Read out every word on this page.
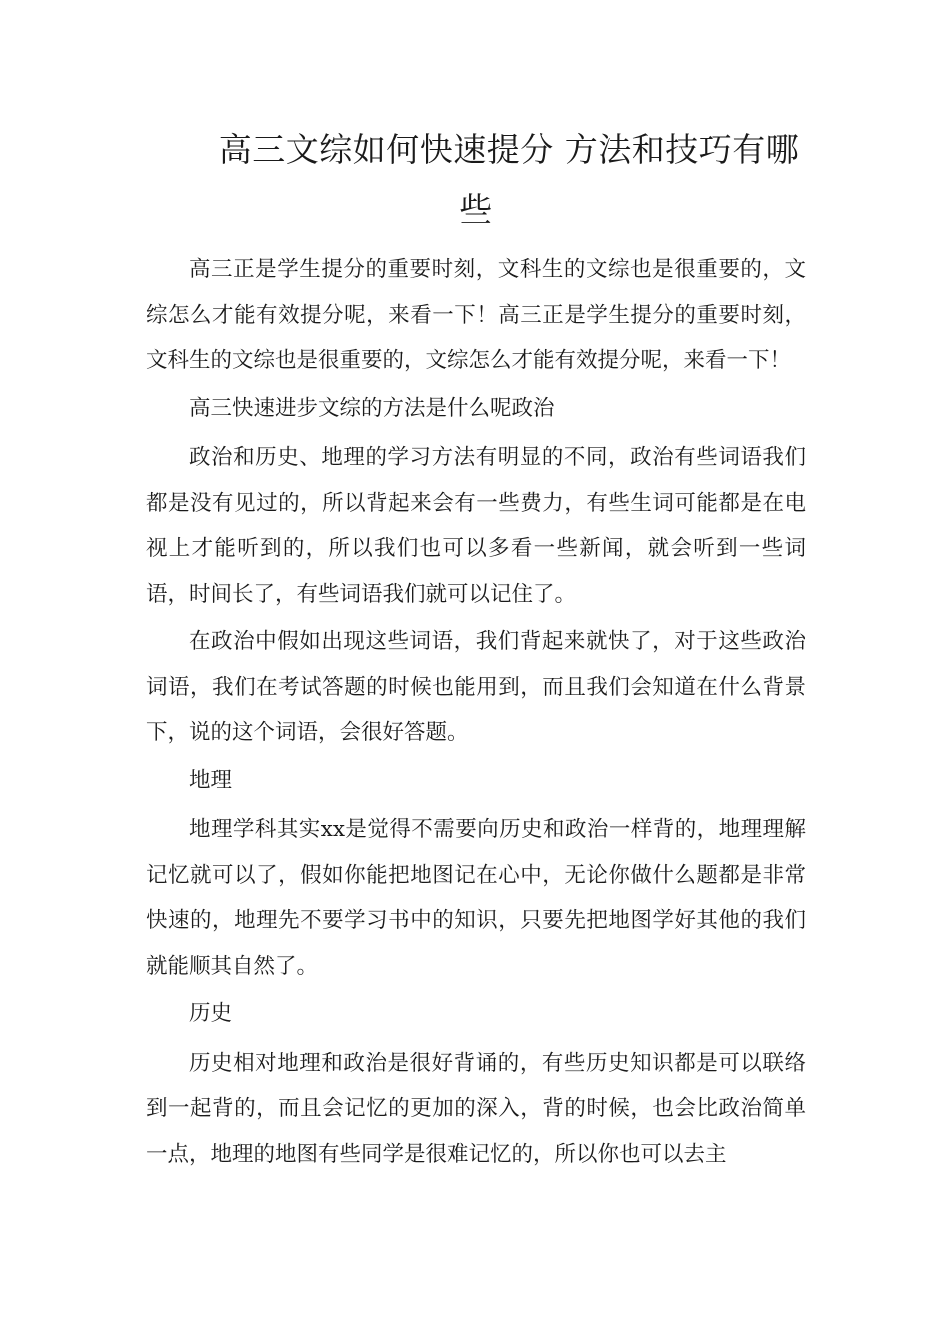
高三文综如何快速提分 方法和技巧有哪些

高三正是学生提分的重要时刻，文科生的文综也是很重要的，文综怎么才能有效提分呢，来看一下！高三正是学生提分的重要时刻，文科生的文综也是很重要的，文综怎么才能有效提分呢，来看一下！

高三快速进步文综的方法是什么呢政治

政治和历史、地理的学习方法有明显的不同，政治有些词语我们都是没有见过的，所以背起来会有一些费力，有些生词可能都是在电视上才能听到的，所以我们也可以多看一些新闻，就会听到一些词语，时间长了，有些词语我们就可以记住了。

在政治中假如出现这些词语，我们背起来就快了，对于这些政治词语，我们在考试答题的时候也能用到，而且我们会知道在什么背景下，说的这个词语，会很好答题。

地理

地理学科其实xx是觉得不需要向历史和政治一样背的，地理理解记忆就可以了，假如你能把地图记在心中，无论你做什么题都是非常快速的，地理先不要学习书中的知识，只要先把地图学好其他的我们就能顺其自然了。

历史

历史相对地理和政治是很好背诵的，有些历史知识都是可以联络到一起背的，而且会记忆的更加的深入，背的时候，也会比政治简单一点，地理的地图有些同学是很难记忆的，所以你也可以去主
